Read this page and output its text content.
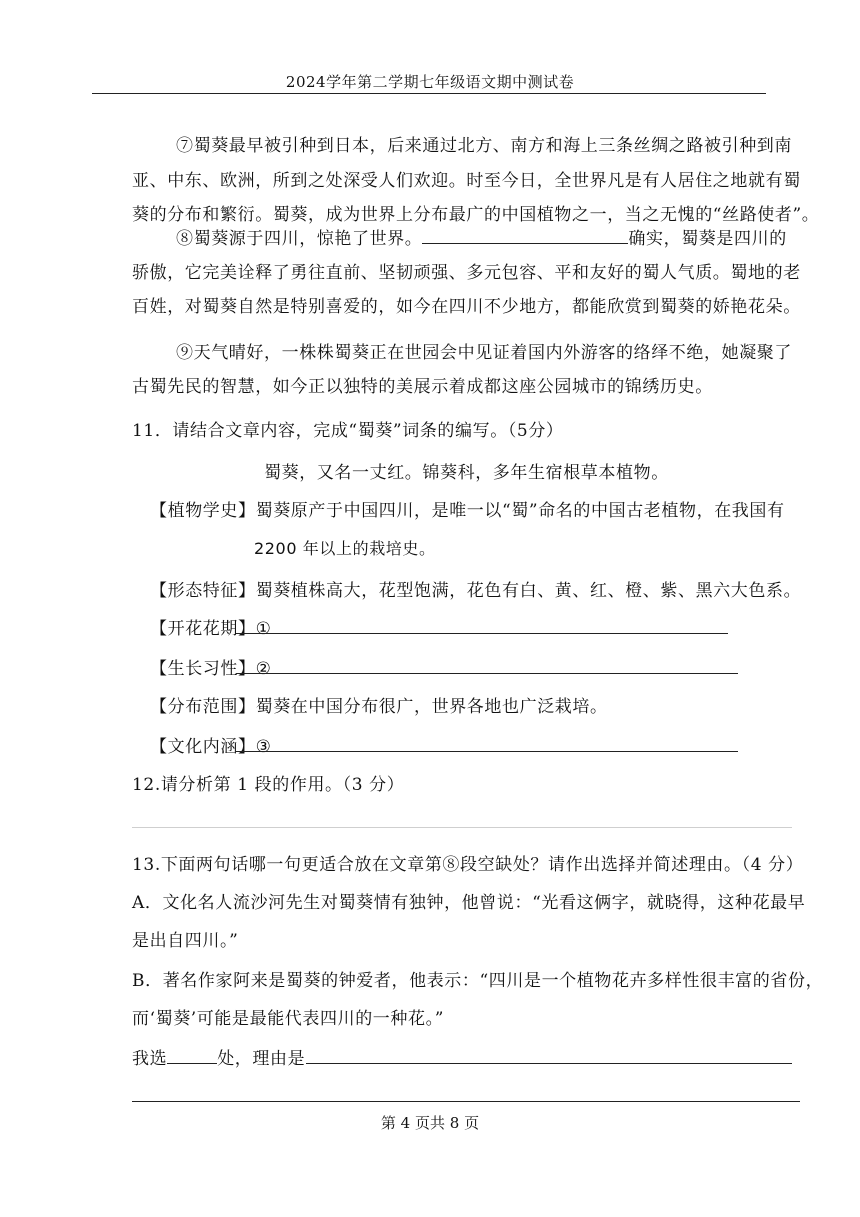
2024学年第二学期七年级语文期中测试卷
⑦蜀葵最早被引种到日本，后来通过北方、南方和海上三条丝绸之路被引种到南
亚、中东、欧洲，所到之处深受人们欢迎。时至今日，全世界凡是有人居住之地就有蜀
葵的分布和繁衍。蜀葵，成为世界上分布最广的中国植物之一，当之无愧的“丝路使者”。
⑧蜀葵源于四川，惊艳了世界。	确实，蜀葵是四川的
骄傲，它完美诠释了勇往直前、坚韧顽强、多元包容、平和友好的蜀人气质。蜀地的老
百姓，对蜀葵自然是特别喜爱的，如今在四川不少地方，都能欣赏到蜀葵的娇艳花朵。
⑨天气晴好，一株株蜀葵正在世园会中见证着国内外游客的络绎不绝，她凝聚了
古蜀先民的智慧，如今正以独特的美展示着成都这座公园城市的锦绣历史。
11．请结合文章内容，完成“蜀葵”词条的编写。（5分）
蜀葵，又名一丈红。锦葵科，多年生宿根草本植物。
【植物学史】蜀葵原产于中国四川，是唯一以“蜀”命名的中国古老植物，在我国有
2200 年以上的栽培史。
【形态特征】蜀葵植株高大，花型饱满，花色有白、黄、红、橙、紫、黑六大色系。
【开花花期】①
【生长习性】②
【分布范围】蜀葵在中国分布很广，世界各地也广泛栽培。
【文化内涵】③
12.请分析第 1 段的作用。（3 分）
13.下面两句话哪一句更适合放在文章第⑧段空缺处？请作出选择并简述理由。（4 分）
A．文化名人流沙河先生对蜀葵情有独钟，他曾说：“光看这俩字，就晓得，这种花最早
是出自四川。”
B．著名作家阿来是蜀葵的钟爱者，他表示：“四川是一个植物花卉多样性很丰富的省份，
而‘蜀葵’可能是最能代表四川的一种花。”
我选	处，理由是
第 4 页共 8 页
